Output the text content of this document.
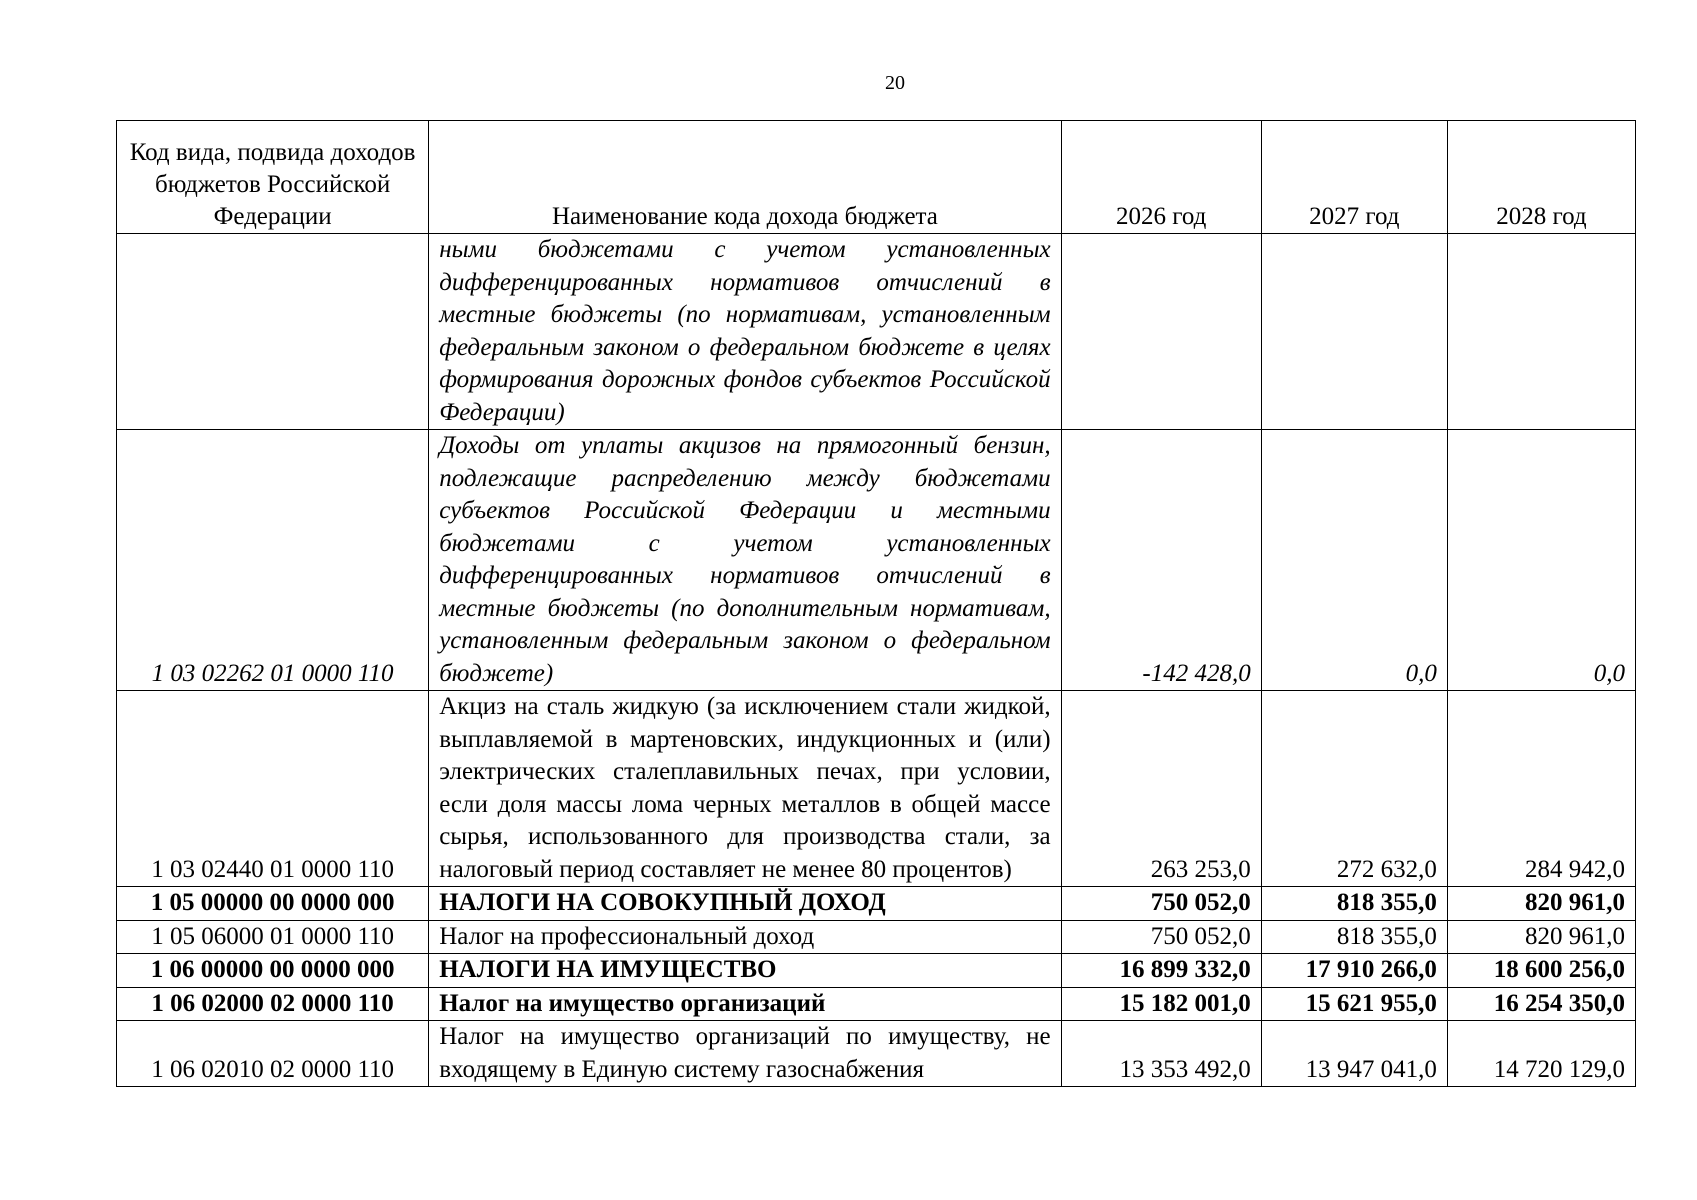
20
Код вида, подвида доходов бюджетов Российской Федерации	Наименование кода дохода бюджета	2026 год	2027 год	2028 год
	ными бюджетами с учетом установленных дифференцированных нормативов отчислений в местные бюджеты (по нормативам, установленным федеральным законом о федеральном бюджете в целях формирования дорожных фондов субъектов Российской Федерации)			
1 03 02262 01 0000 110	Доходы от уплаты акцизов на прямогонный бензин, подлежащие распределению между бюджетами субъектов Российской Федерации и местными бюджетами с учетом установленных дифференцированных нормативов отчислений в местные бюджеты (по дополнительным нормативам, установленным федеральным законом о федеральном бюджете)	-142 428,0	0,0	0,0
1 03 02440 01 0000 110	Акциз на сталь жидкую (за исключением стали жидкой, выплавляемой в мартеновских, индукционных и (или) электрических сталеплавильных печах, при условии, если доля массы лома черных металлов в общей массе сырья, использованного для производства стали, за налоговый период составляет не менее 80 процентов)	263 253,0	272 632,0	284 942,0
1 05 00000 00 0000 000	НАЛОГИ НА СОВОКУПНЫЙ ДОХОД	750 052,0	818 355,0	820 961,0
1 05 06000 01 0000 110	Налог на профессиональный доход	750 052,0	818 355,0	820 961,0
1 06 00000 00 0000 000	НАЛОГИ НА ИМУЩЕСТВО	16 899 332,0	17 910 266,0	18 600 256,0
1 06 02000 02 0000 110	Налог на имущество организаций	15 182 001,0	15 621 955,0	16 254 350,0
1 06 02010 02 0000 110	Налог на имущество организаций по имуществу, не входящему в Единую систему газоснабжения	13 353 492,0	13 947 041,0	14 720 129,0
